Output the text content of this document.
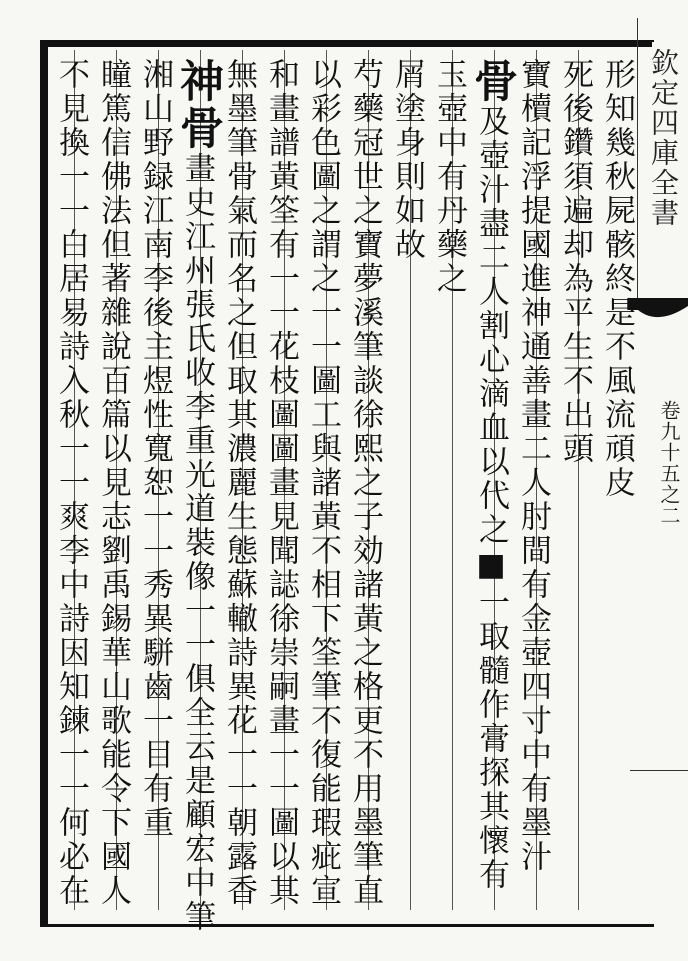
欽定四庫全書
卷九十五之二
形知幾秋屍骸終是不風流頑皮
死後鑽須遍却為平生不出頭
寶櫝記浮提國進神通善畫二人肘間有金壺四寸中有墨汁
骨及壺汁盡二人割心滴血以代之■一取髓作膏探其懷有
玉壺中有丹藥之
屑塗身則如故
芍藥冠世之寶夢溪筆談徐熙之子効諸黃之格更不用墨筆直
以彩色圖之謂之一一圖工與諸黃不相下筌筆不復能瑕疵宣
和畫譜黃筌有一一花枝圖圖畫見聞誌徐崇嗣畫一一圖以其
無墨筆骨氣而名之但取其濃麗生態蘇轍詩異花一一朝露香
神骨畫史江州張氏收李重光道裝像一一俱全云是顧宏中筆
湘山野録江南李後主煜性寬恕一一秀異駢齒一目有重
瞳篤信佛法但著雜說百篇以見志劉禹錫華山歌能令下國人
不見換一一白居易詩入秋一一爽李中詩因知鍊一一何必在
